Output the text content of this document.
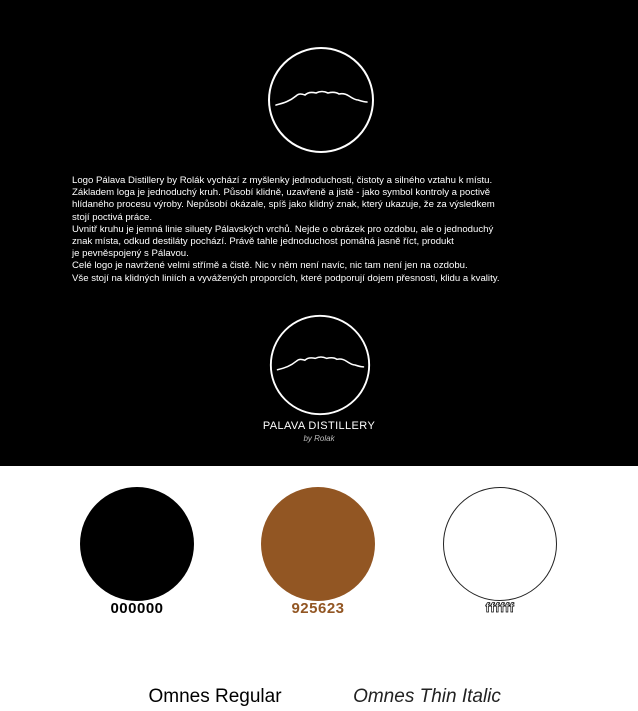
Logo Pálava Distillery by Rolák vychází z myšlenky jednoduchosti, čistoty a silného vztahu k místu.
Základem loga je jednoduchý kruh. Působí klidně, uzavřeně a jistě - jako symbol kontroly a poctivě
hlídaného procesu výroby. Nepůsobí okázale, spíš jako klidný znak, který ukazuje, že za výsledkem
stojí poctivá práce.

Uvnitř kruhu je jemná linie siluety Pálavských vrchů. Nejde o obrázek pro ozdobu, ale o jednoduchý
znak místa, odkud destiláty pochází. Právě tahle jednoduchost pomáhá jasně říct, produkt
je pevněspojený s Pálavou.

Celé logo je navržené velmi střímě a čistě. Nic v něm není navíc, nic tam není jen na ozdobu.
Vše stojí na klidných liniích a vyvážených proporcích, které podporují dojem přesnosti, klidu a kvality.

PALAVA DISTILLERY
by Rolak
000000	925623	ffffff
Omnes Regular	Omnes Thin Italic
